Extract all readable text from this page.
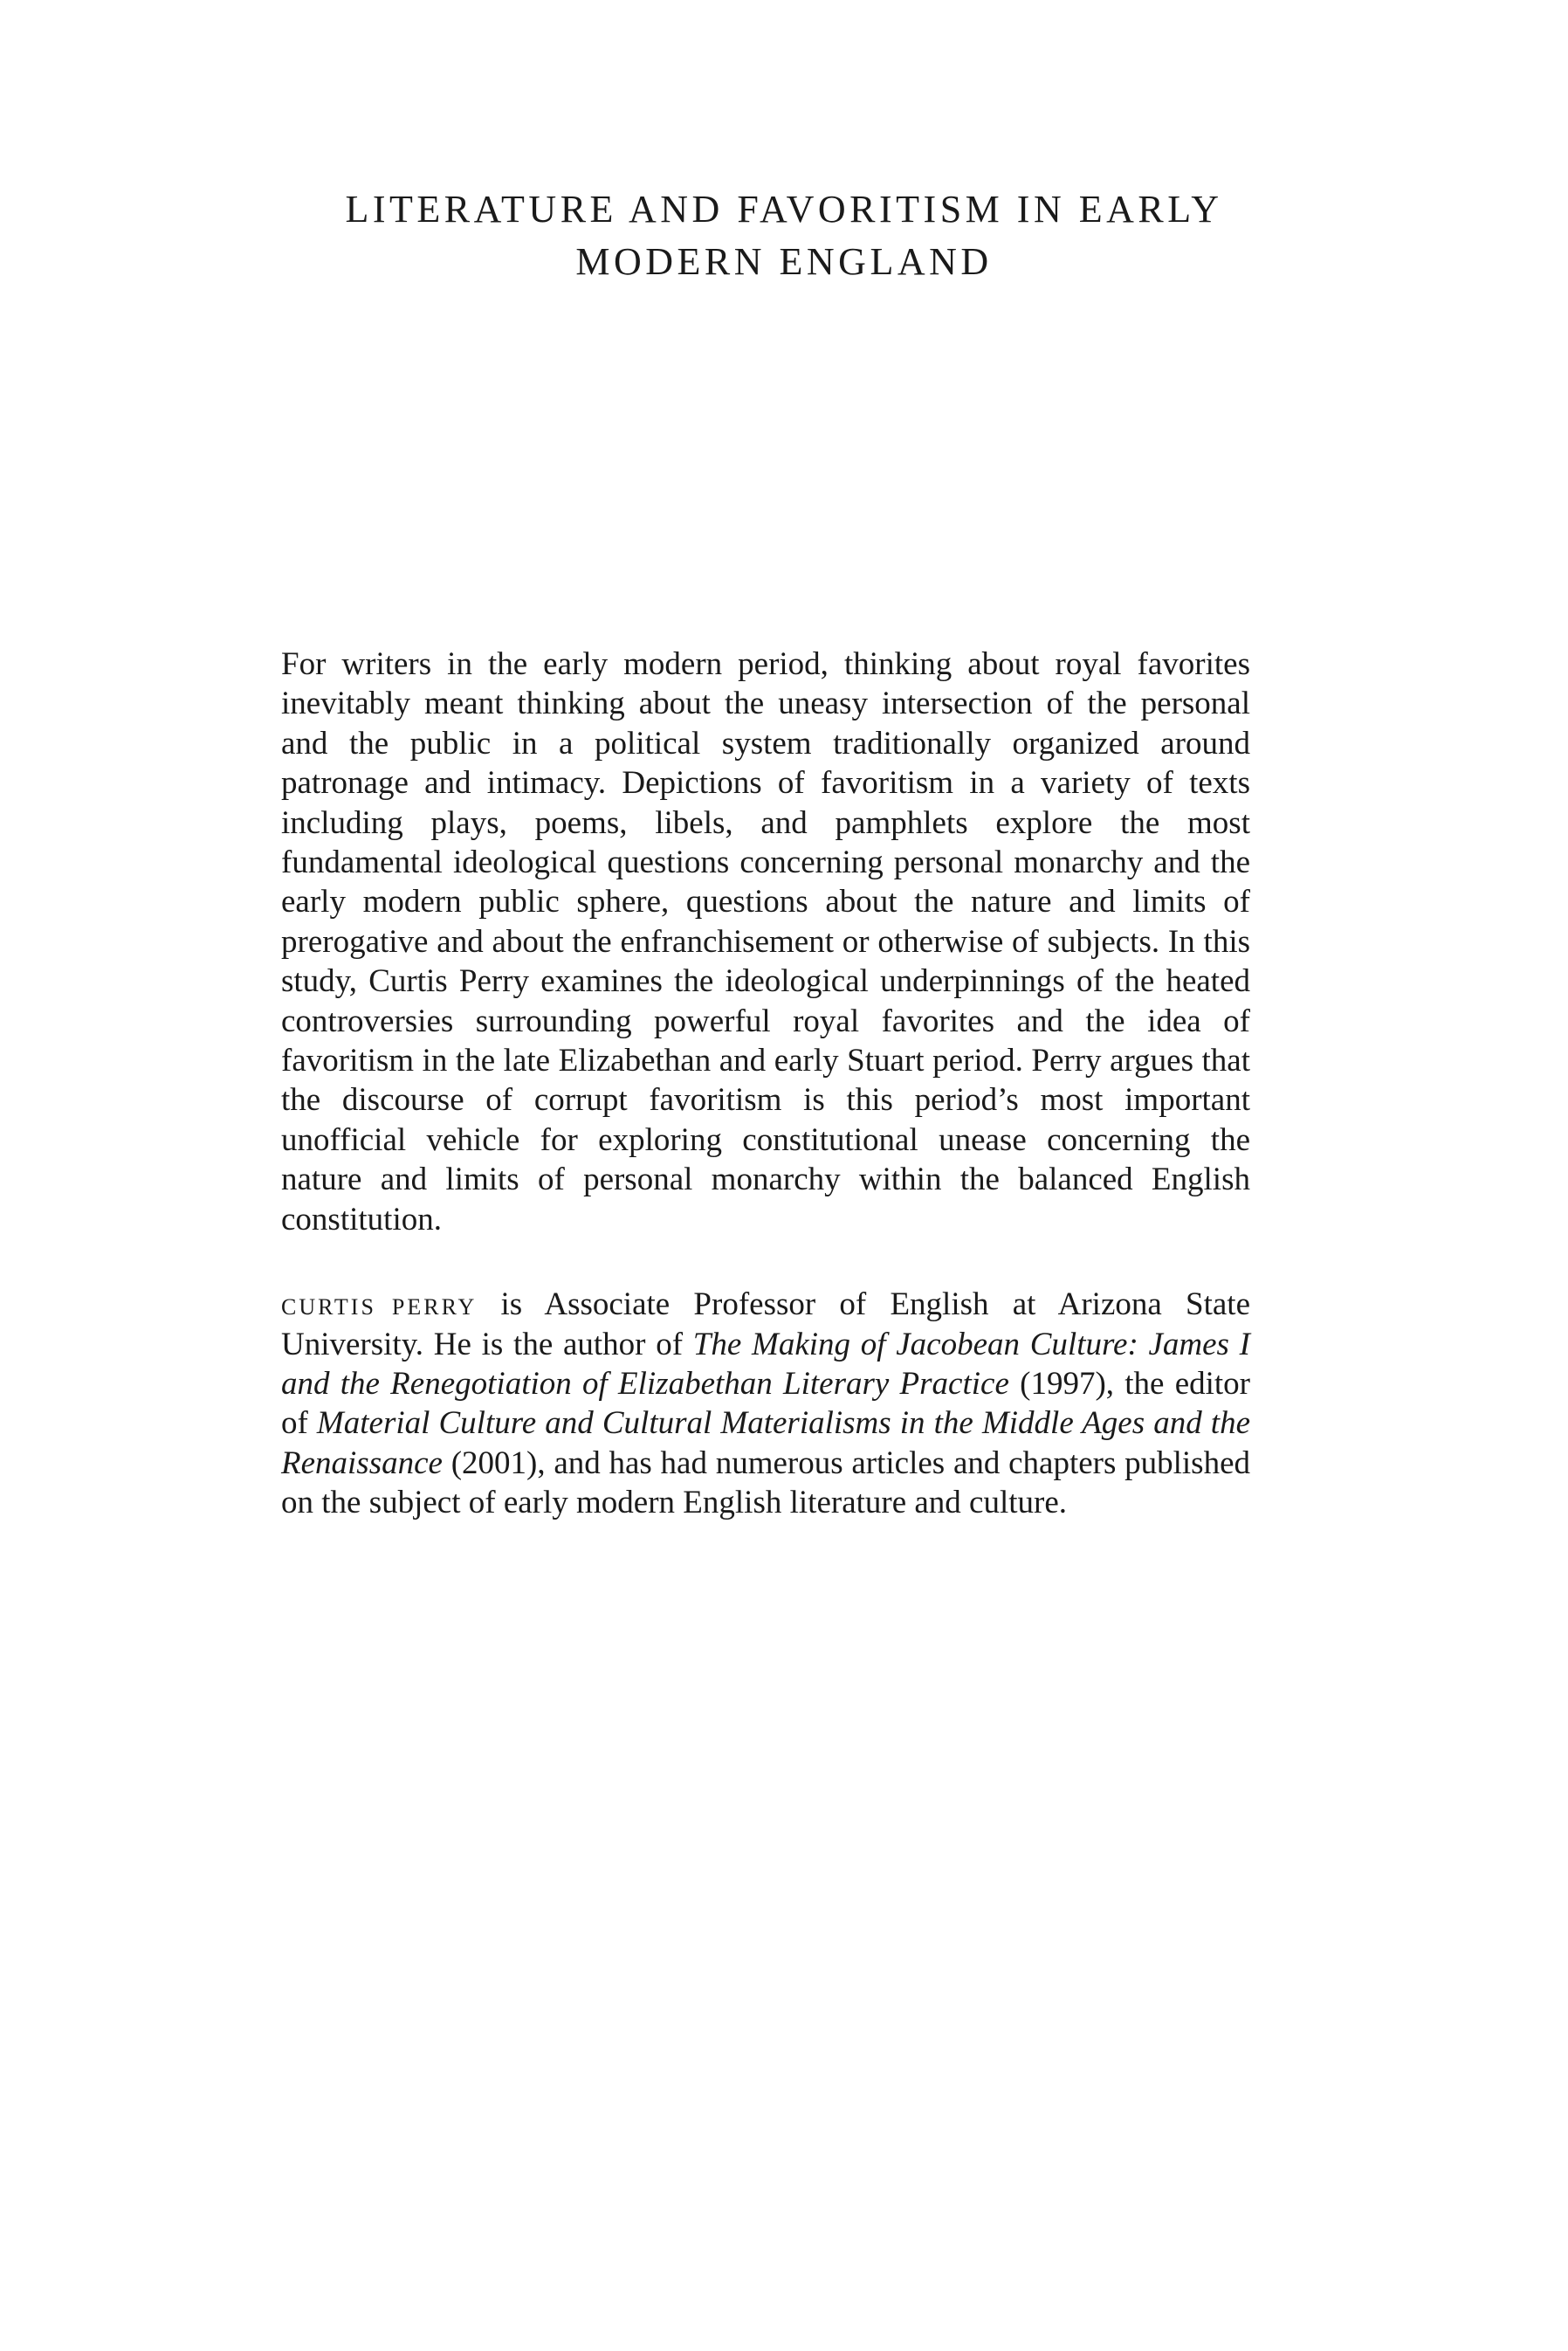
LITERATURE AND FAVORITISM IN EARLY
MODERN ENGLAND

For writers in the early modern period, thinking about royal favorites inevitably meant thinking about the uneasy intersection of the personal and the public in a political system traditionally organized around patronage and intimacy. Depictions of favoritism in a variety of texts including plays, poems, libels, and pamphlets explore the most fundamental ideological questions concerning personal monarchy and the early modern public sphere, questions about the nature and limits of prerogative and about the enfranchisement or otherwise of subjects. In this study, Curtis Perry examines the ideological underpinnings of the heated controversies surrounding powerful royal favorites and the idea of favoritism in the late Elizabethan and early Stuart period. Perry argues that the discourse of corrupt favoritism is this period’s most important unofficial vehicle for exploring constitutional unease concerning the nature and limits of personal monarchy within the balanced English constitution.

curtis perry is Associate Professor of English at Arizona State University. He is the author of The Making of Jacobean Culture: James I and the Renegotiation of Elizabethan Literary Practice (1997), the editor of Material Culture and Cultural Materialisms in the Middle Ages and the Renaissance (2001), and has had numerous articles and chapters published on the subject of early modern English literature and culture.
